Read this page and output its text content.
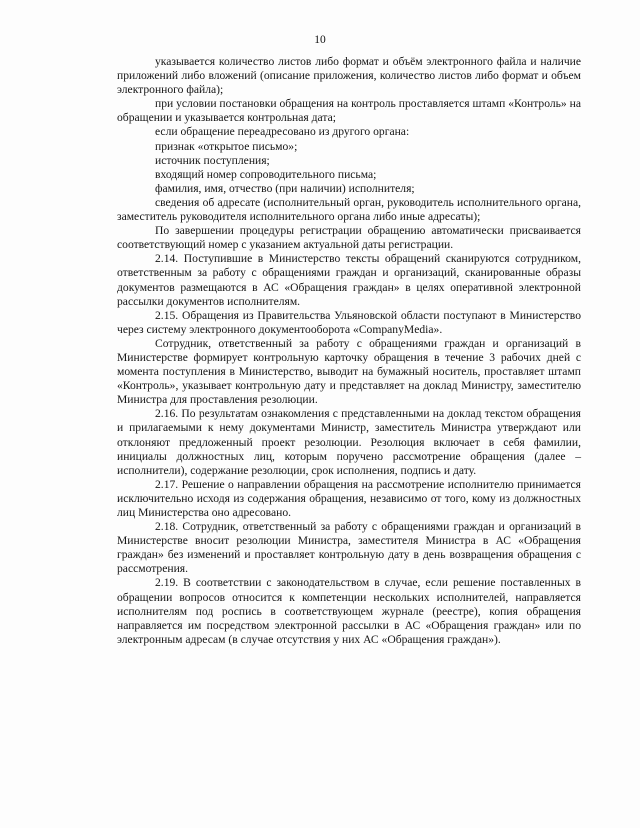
10

указывается количество листов либо формат и объём электронного файла и наличие приложений либо вложений (описание приложения, количество листов либо формат и объем электронного файла);

при условии постановки обращения на контроль проставляется штамп «Контроль» на обращении и указывается контрольная дата;

если обращение переадресовано из другого органа:

признак «открытое письмо»;

источник поступления;

входящий номер сопроводительного письма;

фамилия, имя, отчество (при наличии) исполнителя;

сведения об адресате (исполнительный орган, руководитель исполнительного органа, заместитель руководителя исполнительного органа либо иные адресаты);

По завершении процедуры регистрации обращению автоматически присваивается соответствующий номер с указанием актуальной даты регистрации.

2.14. Поступившие в Министерство тексты обращений сканируются сотрудником, ответственным за работу с обращениями граждан и организаций, сканированные образы документов размещаются в АС «Обращения граждан» в целях оперативной электронной рассылки документов исполнителям.

2.15. Обращения из Правительства Ульяновской области поступают в Министерство через систему электронного документооборота «CompanyMedia».

Сотрудник, ответственный за работу с обращениями граждан и организаций в Министерстве формирует контрольную карточку обращения в течение 3 рабочих дней с момента поступления в Министерство, выводит на бумажный носитель, проставляет штамп «Контроль», указывает контрольную дату и представляет на доклад Министру, заместителю Министра для проставления резолюции.

2.16. По результатам ознакомления с представленными на доклад текстом обращения и прилагаемыми к нему документами Министр, заместитель Министра утверждают или отклоняют предложенный проект резолюции. Резолюция включает в себя фамилии, инициалы должностных лиц, которым поручено рассмотрение обращения (далее – исполнители), содержание резолюции, срок исполнения, подпись и дату.

2.17. Решение о направлении обращения на рассмотрение исполнителю принимается исключительно исходя из содержания обращения, независимо от того, кому из должностных лиц Министерства оно адресовано.

2.18. Сотрудник, ответственный за работу с обращениями граждан и организаций в Министерстве вносит резолюции Министра, заместителя Министра в АС «Обращения граждан» без изменений и проставляет контрольную дату в день возвращения обращения с рассмотрения.

2.19. В соответствии с законодательством в случае, если решение поставленных в обращении вопросов относится к компетенции нескольких исполнителей, направляется исполнителям под роспись в соответствующем журнале (реестре), копия обращения направляется им посредством электронной рассылки в АС «Обращения граждан» или по электронным адресам (в случае отсутствия у них АС «Обращения граждан»).
